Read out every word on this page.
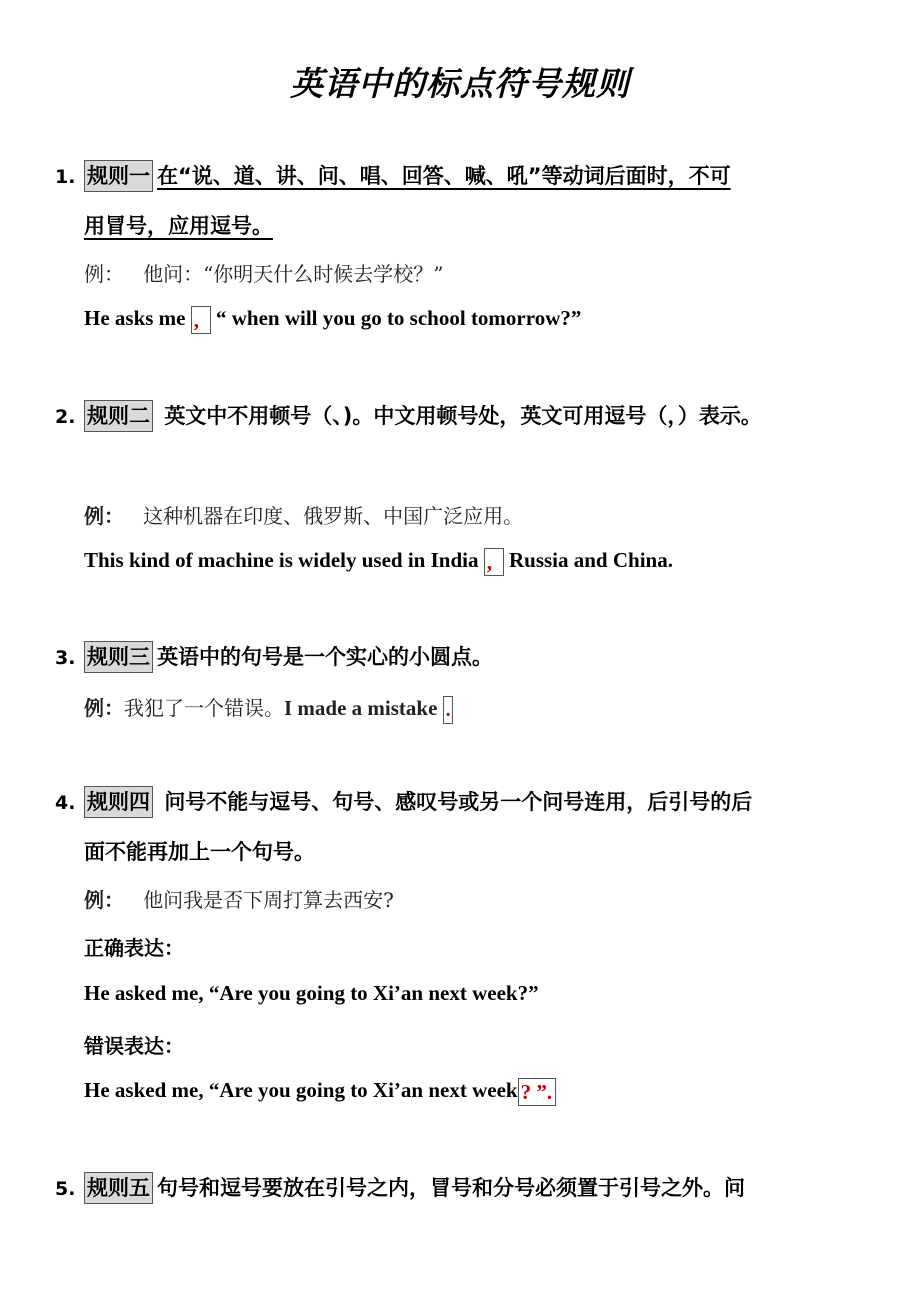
英语中的标点符号规则
1. 规则一 在“说、道、讲、问、唱、回答、喊、吼”等动词后面时，不可
用冒号，应用逗号。
例： 他问：“你明天什么时候去学校？”
He asks me , “ when will you go to school tomorrow?”
2. 规则二 英文中不用顿号（、)。中文用顿号处，英文可用逗号（，）表示。
例： 这种机器在印度、俄罗斯、中国广泛应用。
This kind of machine is widely used in India , Russia and China.
3. 规则三 英语中的句号是一个实心的小圆点。
例：我犯了一个错误。I made a mistake .
4. 规则四 问号不能与逗号、句号、感叹号或另一个问号连用，后引号的后
面不能再加上一个句号。
例： 他问我是否下周打算去西安?
正确表达：
He asked me, “Are you going to Xi’an next week?”
错误表达：
He asked me, “Are you going to Xi’an next week ? ”.
5. 规则五 句号和逗号要放在引号之内，冒号和分号必须置于引号之外。问
